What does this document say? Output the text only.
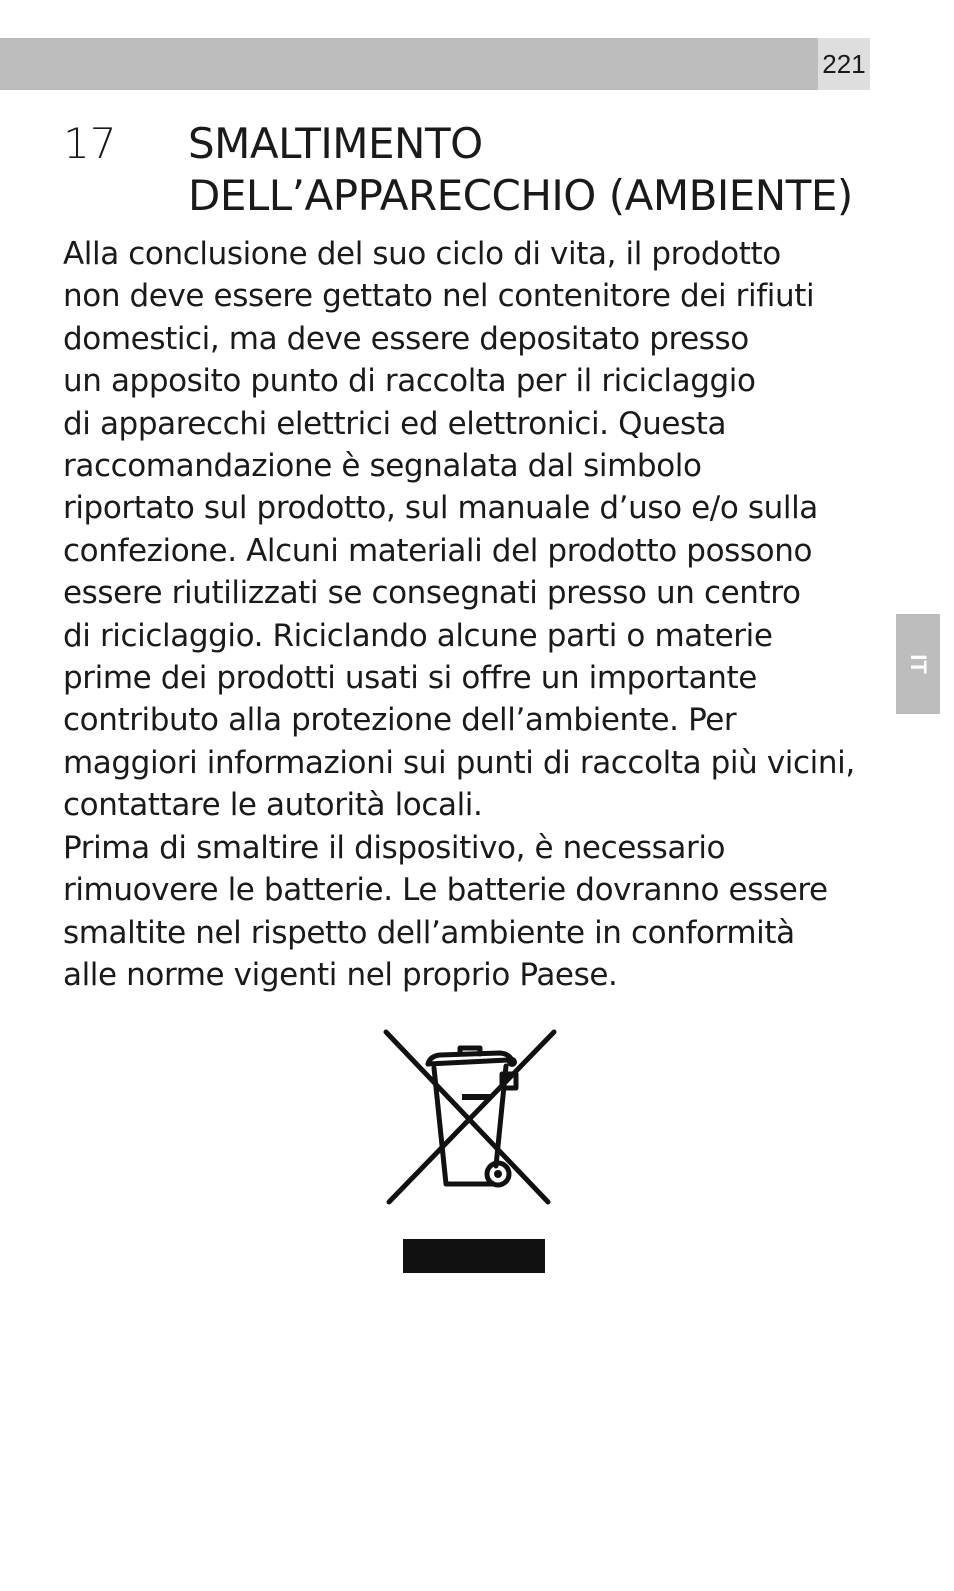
221
17 SMALTIMENTO
DELL’APPARECCHIO (AMBIENTE)

Alla conclusione del suo ciclo di vita, il prodotto
non deve essere gettato nel contenitore dei rifiuti
domestici, ma deve essere depositato presso
un apposito punto di raccolta per il riciclaggio
di apparecchi elettrici ed elettronici. Questa
raccomandazione è segnalata dal simbolo
riportato sul prodotto, sul manuale d’uso e/o sulla
confezione. Alcuni materiali del prodotto possono
essere riutilizzati se consegnati presso un centro
di riciclaggio. Riciclando alcune parti o materie
prime dei prodotti usati si offre un importante
contributo alla protezione dell’ambiente. Per
maggiori informazioni sui punti di raccolta più vicini,
contattare le autorità locali.

Prima di smaltire il dispositivo, è necessario
rimuovere le batterie. Le batterie dovranno essere
smaltite nel rispetto dell’ambiente in conformità
alle norme vigenti nel proprio Paese.

IT
